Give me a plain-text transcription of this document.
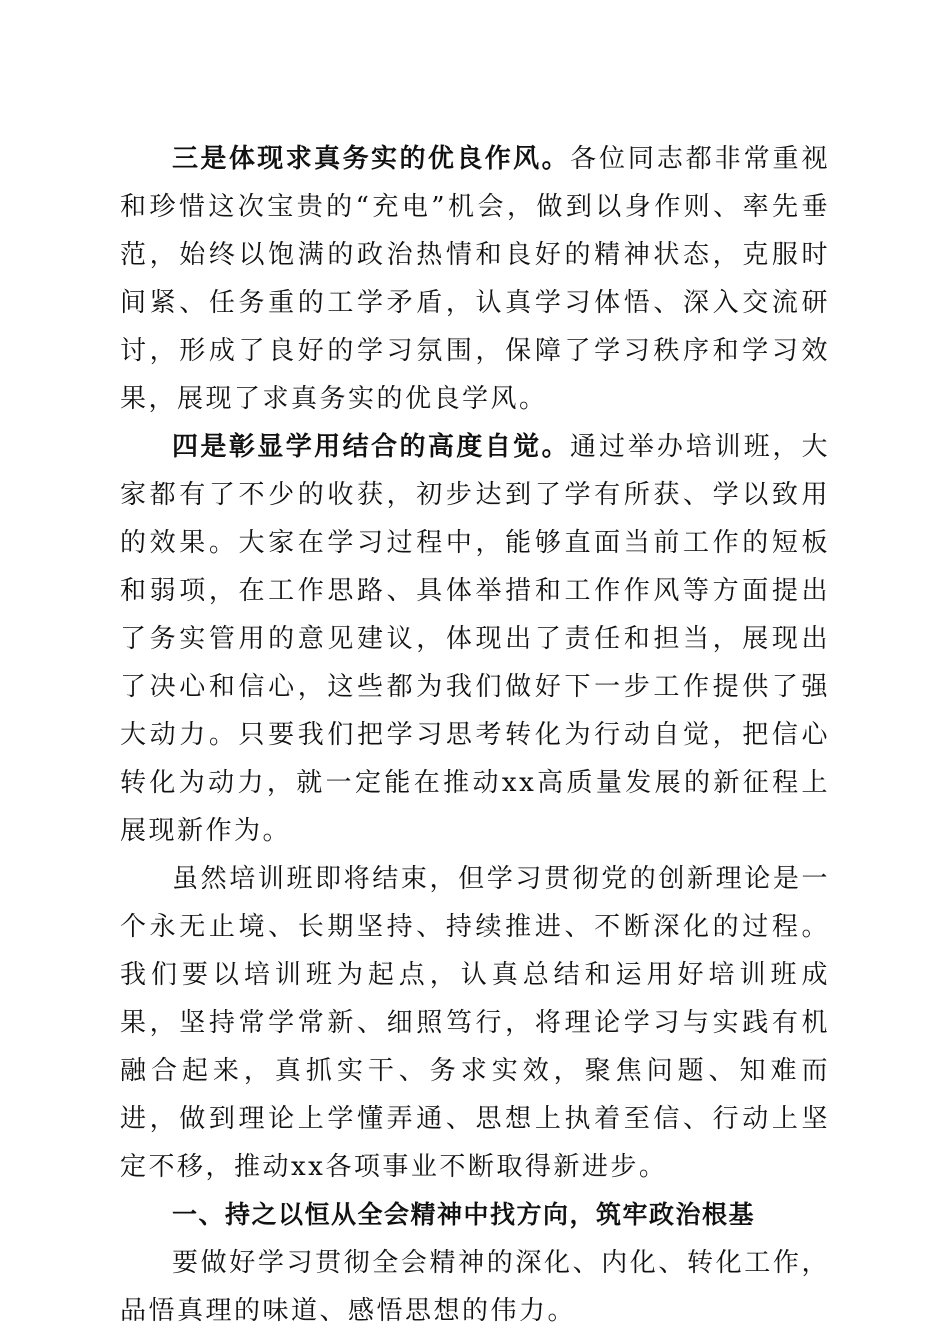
三是体现求真务实的优良作风。各位同志都非常重视和珍惜这次宝贵的“充电”机会，做到以身作则、率先垂范，始终以饱满的政治热情和良好的精神状态，克服时间紧、任务重的工学矛盾，认真学习体悟、深入交流研讨，形成了良好的学习氛围，保障了学习秩序和学习效果，展现了求真务实的优良学风。

四是彰显学用结合的高度自觉。通过举办培训班，大家都有了不少的收获，初步达到了学有所获、学以致用的效果。大家在学习过程中，能够直面当前工作的短板和弱项，在工作思路、具体举措和工作作风等方面提出了务实管用的意见建议，体现出了责任和担当，展现出了决心和信心，这些都为我们做好下一步工作提供了强大动力。只要我们把学习思考转化为行动自觉，把信心转化为动力，就一定能在推动xx高质量发展的新征程上展现新作为。

虽然培训班即将结束，但学习贯彻党的创新理论是一个永无止境、长期坚持、持续推进、不断深化的过程。我们要以培训班为起点，认真总结和运用好培训班成果，坚持常学常新、细照笃行，将理论学习与实践有机融合起来，真抓实干、务求实效，聚焦问题、知难而进，做到理论上学懂弄通、思想上执着至信、行动上坚定不移，推动xx各项事业不断取得新进步。

一、持之以恒从全会精神中找方向，筑牢政治根基

要做好学习贯彻全会精神的深化、内化、转化工作，品悟真理的味道、感悟思想的伟力。
